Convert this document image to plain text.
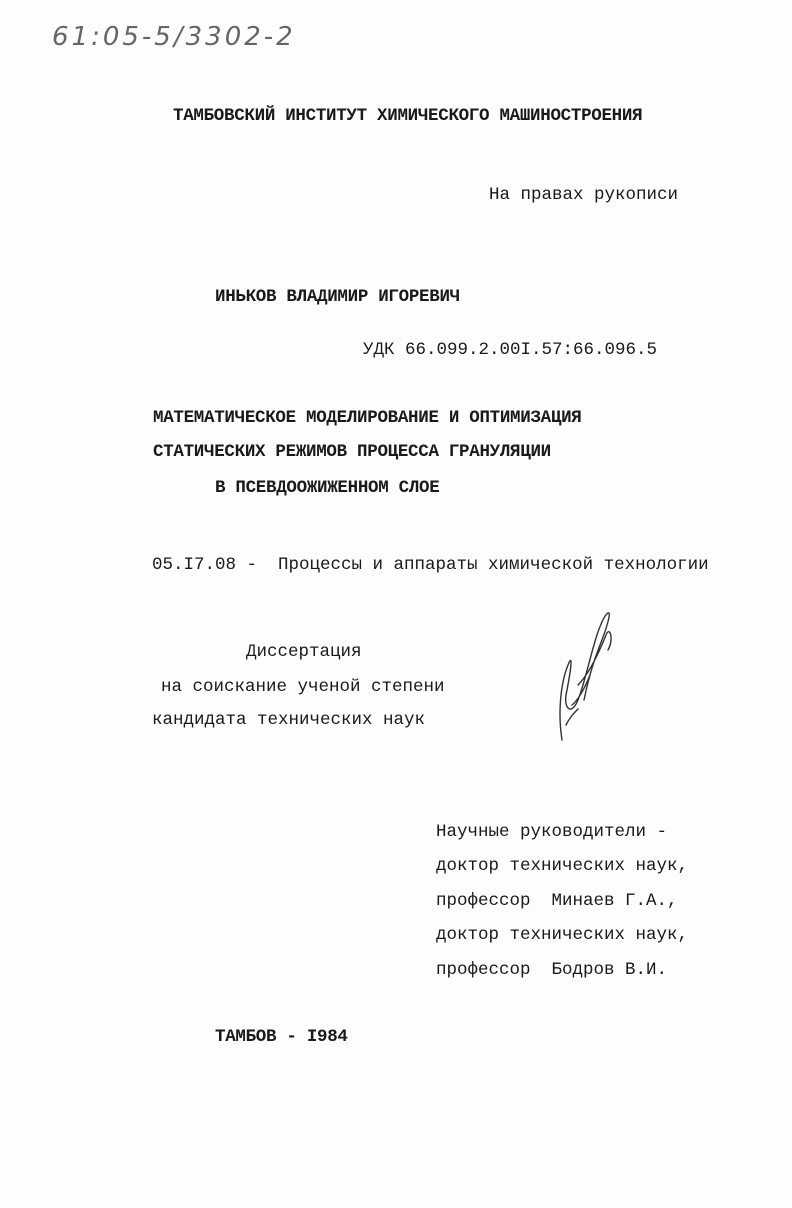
61:05-5/3302-2
ТАМБОВСКИЙ ИНСТИТУТ ХИМИЧЕСКОГО МАШИНОСТРОЕНИЯ
На правах рукописи
ИНЬКОВ ВЛАДИМИР ИГОРЕВИЧ
УДК 66.099.2.00I.57:66.096.5
МАТЕМАТИЧЕСКОЕ МОДЕЛИРОВАНИЕ И ОПТИМИЗАЦИЯ
СТАТИЧЕСКИХ РЕЖИМОВ ПРОЦЕССА ГРАНУЛЯЦИИ
В ПСЕВДООЖИЖЕННОМ СЛОЕ
05.I7.08 -  Процессы и аппараты химической технологии
Диссертация
на соискание ученой степени
кандидата технических наук
Научные руководители -
доктор технических наук,
профессор  Минаев Г.А.,
доктор технических наук,
профессор  Бодров В.И.
ТАМБОВ - I984
